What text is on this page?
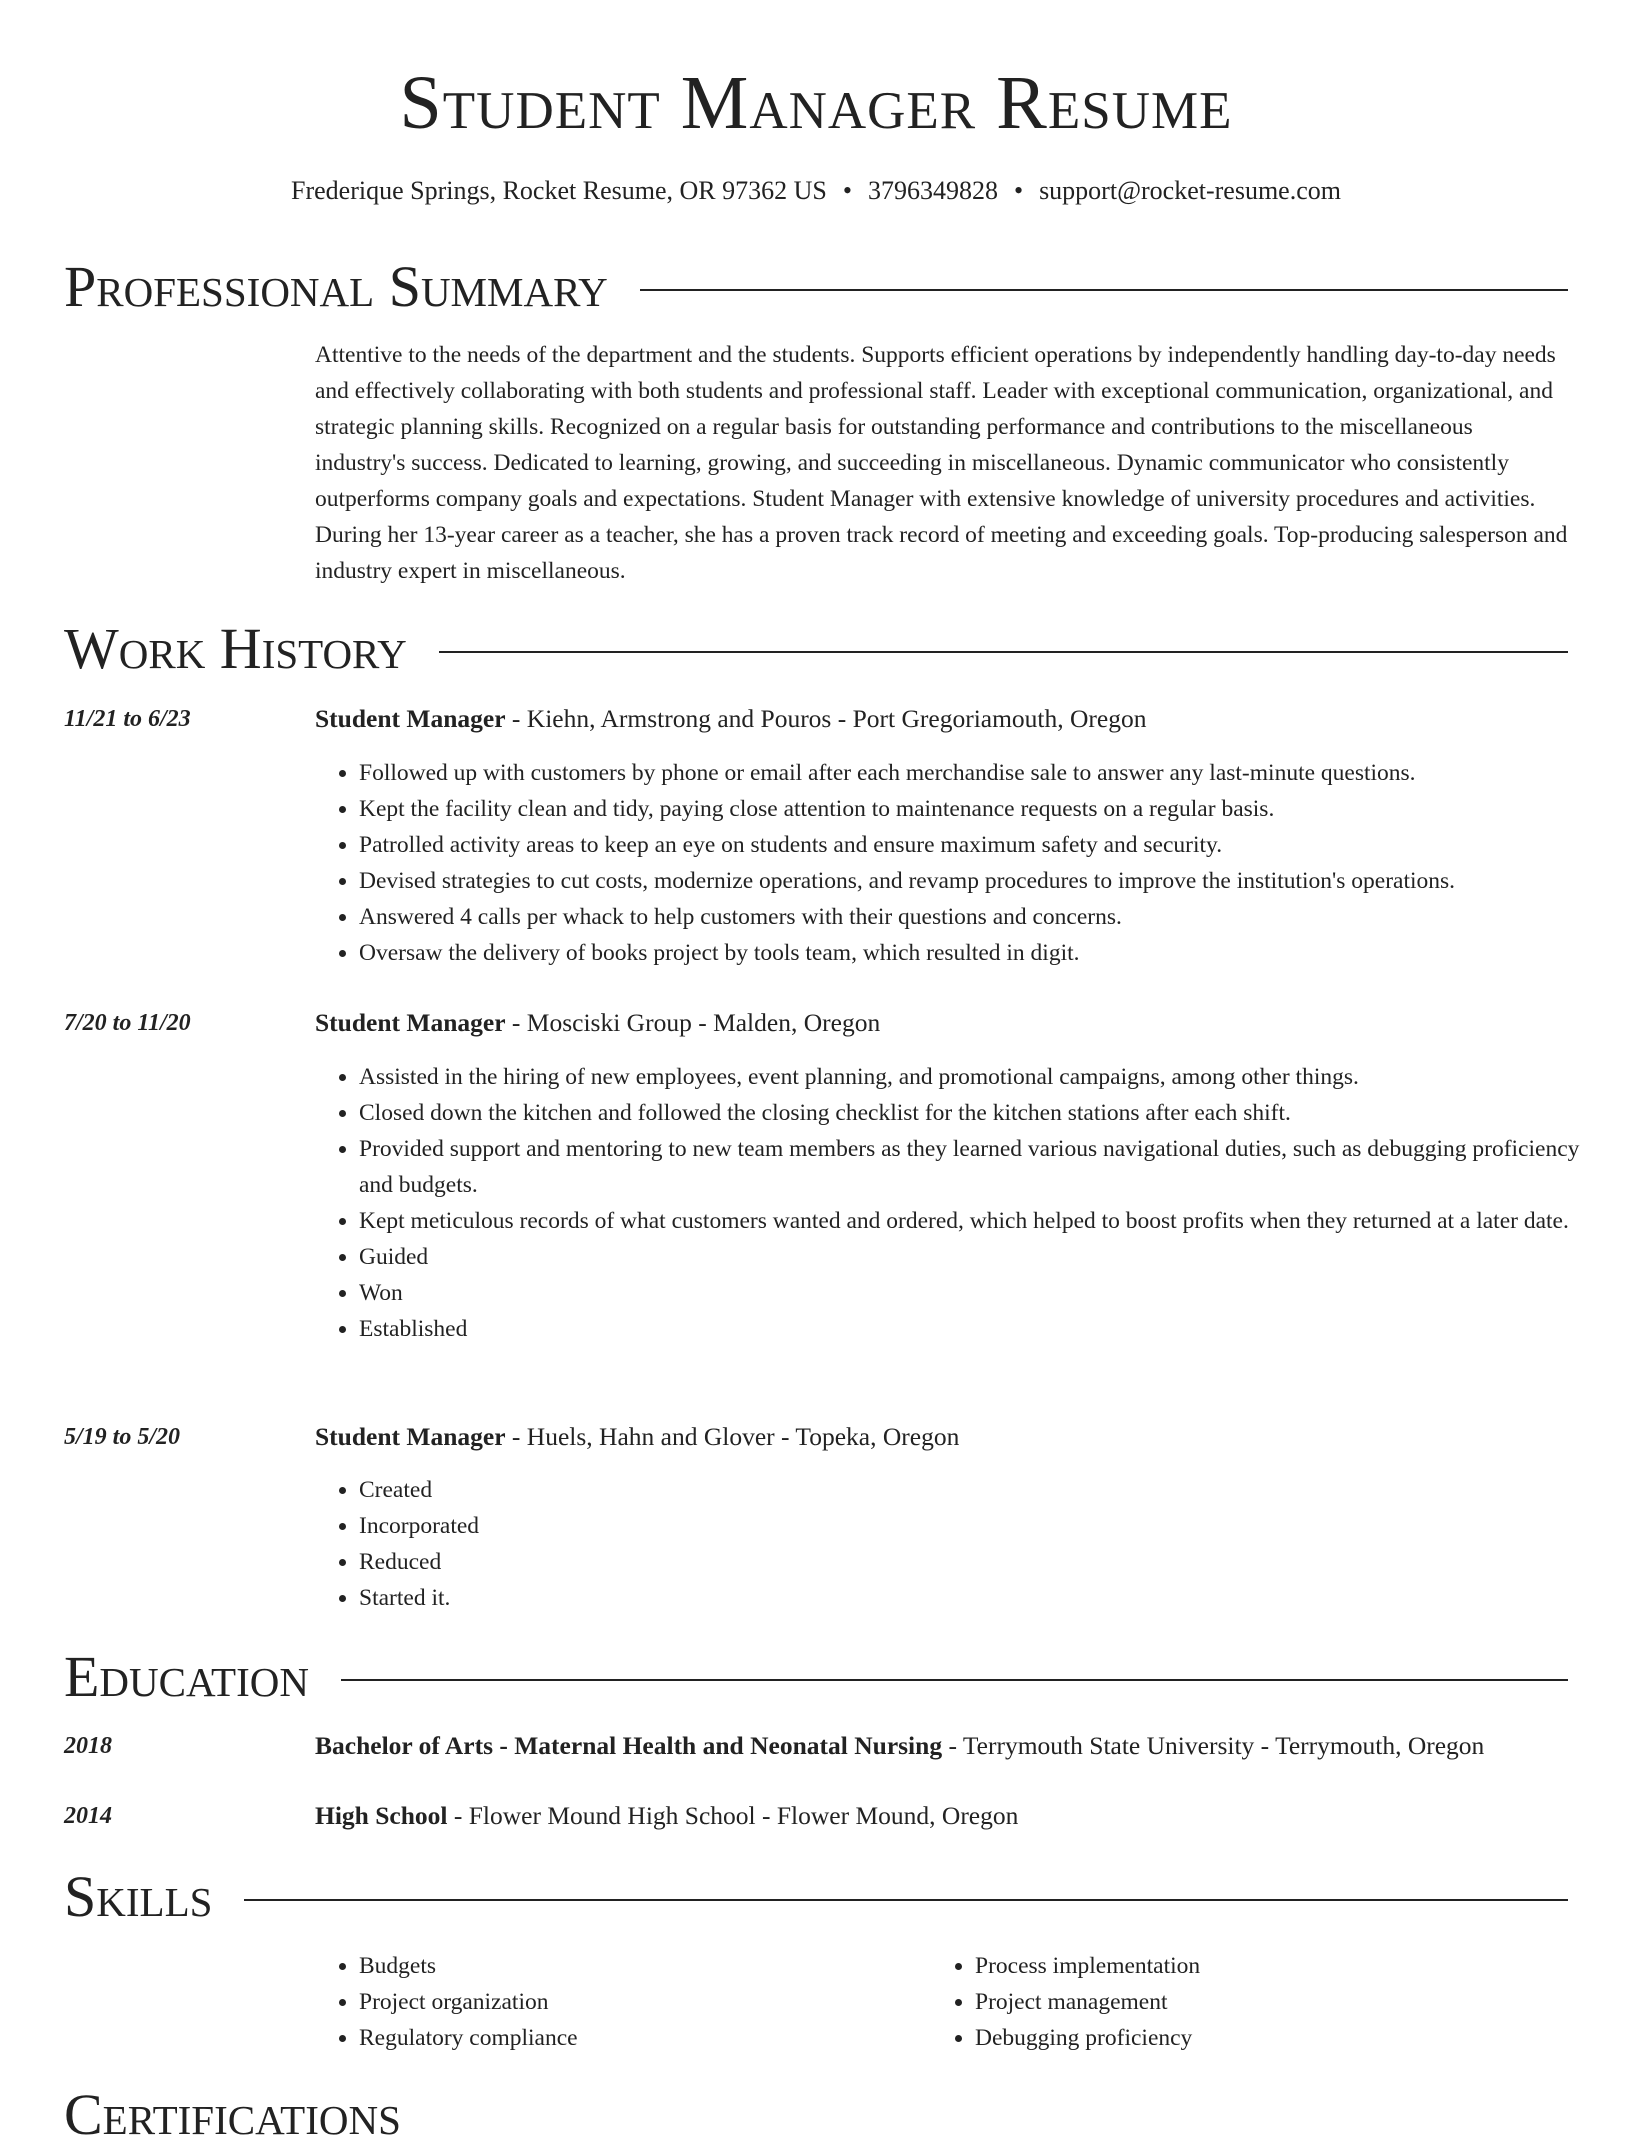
Student Manager Resume
Frederique Springs, Rocket Resume, OR 97362 US • 3796349828 • support@rocket-resume.com
Professional Summary

Attentive to the needs of the department and the students. Supports efficient operations by independently handling day-to-day needs and effectively collaborating with both students and professional staff. Leader with exceptional communication, organizational, and strategic planning skills. Recognized on a regular basis for outstanding performance and contributions to the miscellaneous industry's success. Dedicated to learning, growing, and succeeding in miscellaneous. Dynamic communicator who consistently outperforms company goals and expectations. Student Manager with extensive knowledge of university procedures and activities. During her 13-year career as a teacher, she has a proven track record of meeting and exceeding goals. Top-producing salesperson and industry expert in miscellaneous.

Work History
11/21 to 6/23	Student Manager - Kiehn, Armstrong and Pouros - Port Gregoriamouth, Oregon
• Followed up with customers by phone or email after each merchandise sale to answer any last-minute questions.
• Kept the facility clean and tidy, paying close attention to maintenance requests on a regular basis.
• Patrolled activity areas to keep an eye on students and ensure maximum safety and security.
• Devised strategies to cut costs, modernize operations, and revamp procedures to improve the institution's operations.
• Answered 4 calls per whack to help customers with their questions and concerns.
• Oversaw the delivery of books project by tools team, which resulted in digit.
7/20 to 11/20	Student Manager - Mosciski Group - Malden, Oregon
• Assisted in the hiring of new employees, event planning, and promotional campaigns, among other things.
• Closed down the kitchen and followed the closing checklist for the kitchen stations after each shift.
• Provided support and mentoring to new team members as they learned various navigational duties, such as debugging proficiency and budgets.
• Kept meticulous records of what customers wanted and ordered, which helped to boost profits when they returned at a later date.
• Guided
• Won
• Established
5/19 to 5/20	Student Manager - Huels, Hahn and Glover - Topeka, Oregon
• Created
• Incorporated
• Reduced
• Started it.
Education
2018	Bachelor of Arts - Maternal Health and Neonatal Nursing - Terrymouth State University - Terrymouth, Oregon
2014	High School - Flower Mound High School - Flower Mound, Oregon
Skills
• Budgets
• Project organization
• Regulatory compliance
• Process implementation
• Project management
• Debugging proficiency
Certifications
